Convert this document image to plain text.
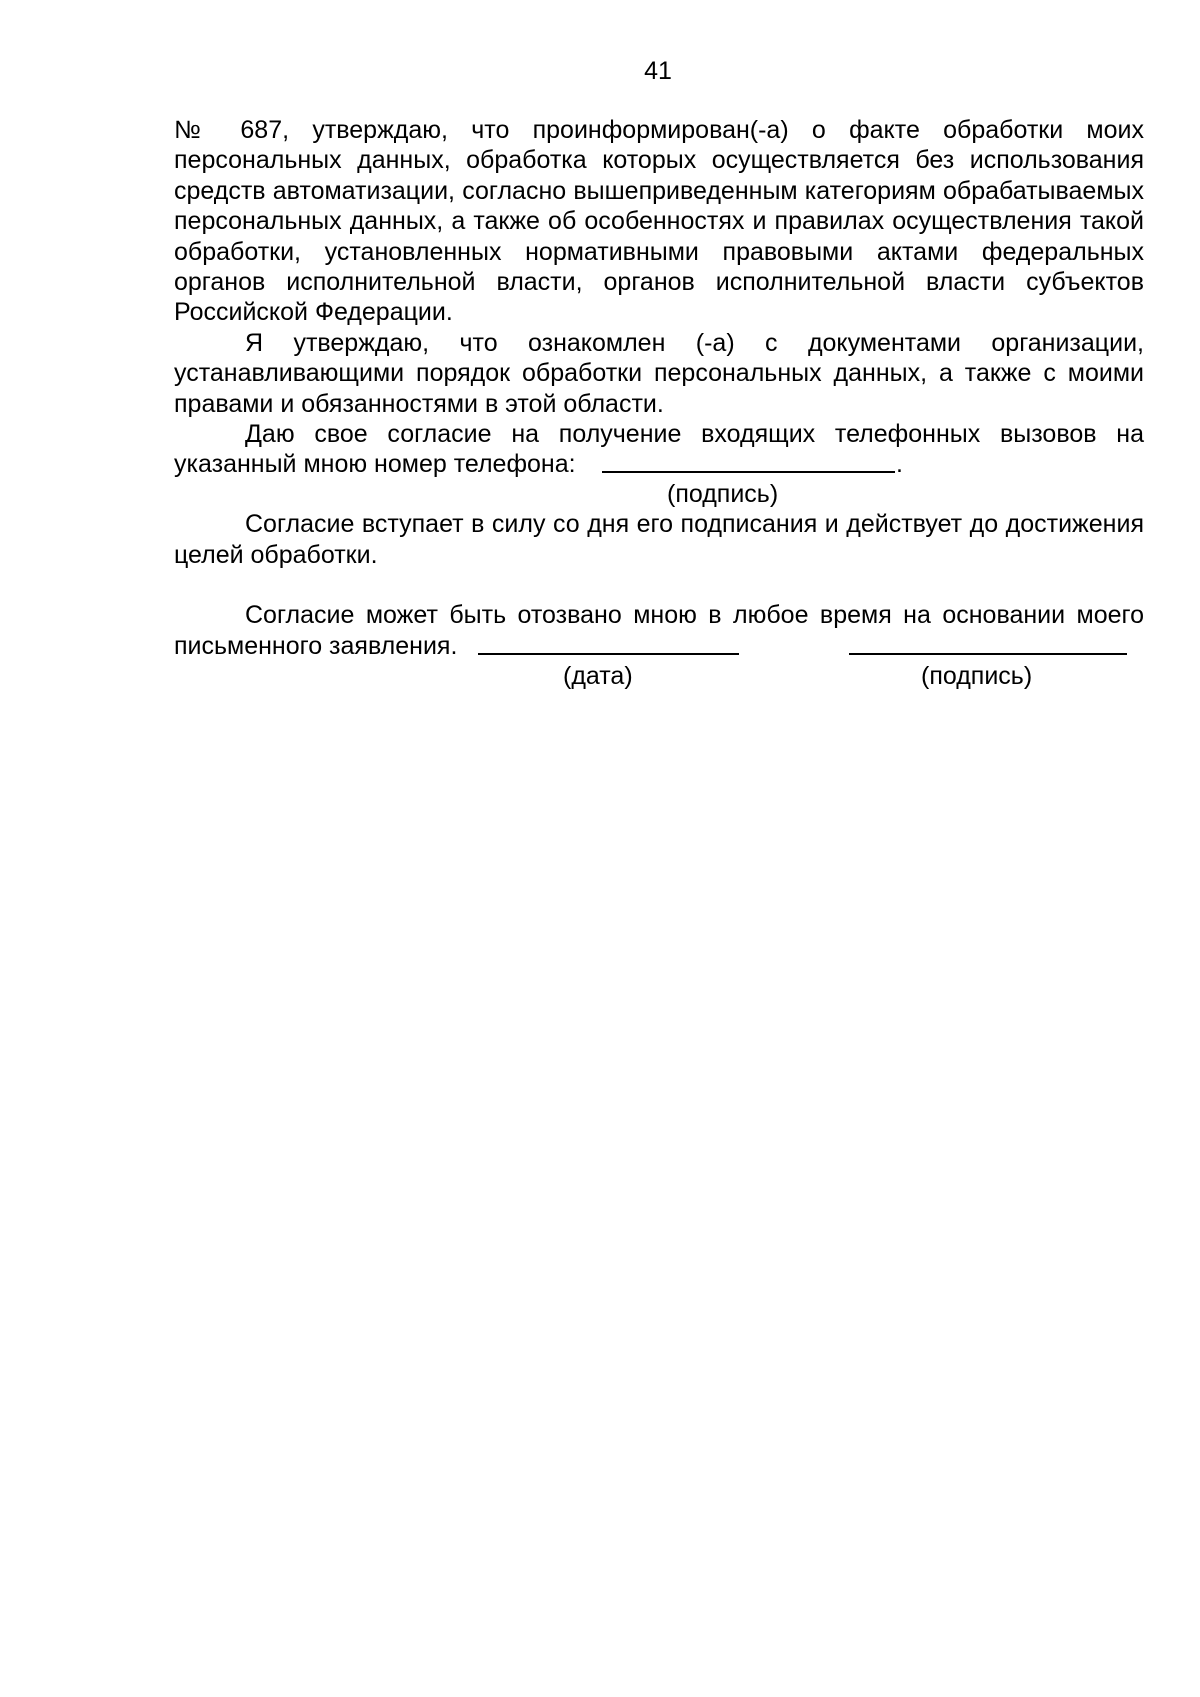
41

№ 687, утверждаю, что проинформирован(-а) о факте обработки моих персональных данных, обработка которых осуществляется без использования средств автоматизации, согласно вышеприведенным категориям обрабатываемых персональных данных, а также об особенностях и правилах осуществления такой обработки, установленных нормативными правовыми актами федеральных органов исполнительной власти, органов исполнительной власти субъектов Российской Федерации.

Я утверждаю, что ознакомлен (-а) с документами организации, устанавливающими порядок обработки персональных данных, а также с моими правами и обязанностями в этой области.

Даю свое согласие на получение входящих телефонных вызовов на

указанный мною номер телефона:	.
(подпись)

Согласие вступает в силу со дня его подписания и действует до достижения целей обработки.

Согласие может быть отозвано мною в любое время на основании моего

письменного заявления.
(дата)	(подпись)
